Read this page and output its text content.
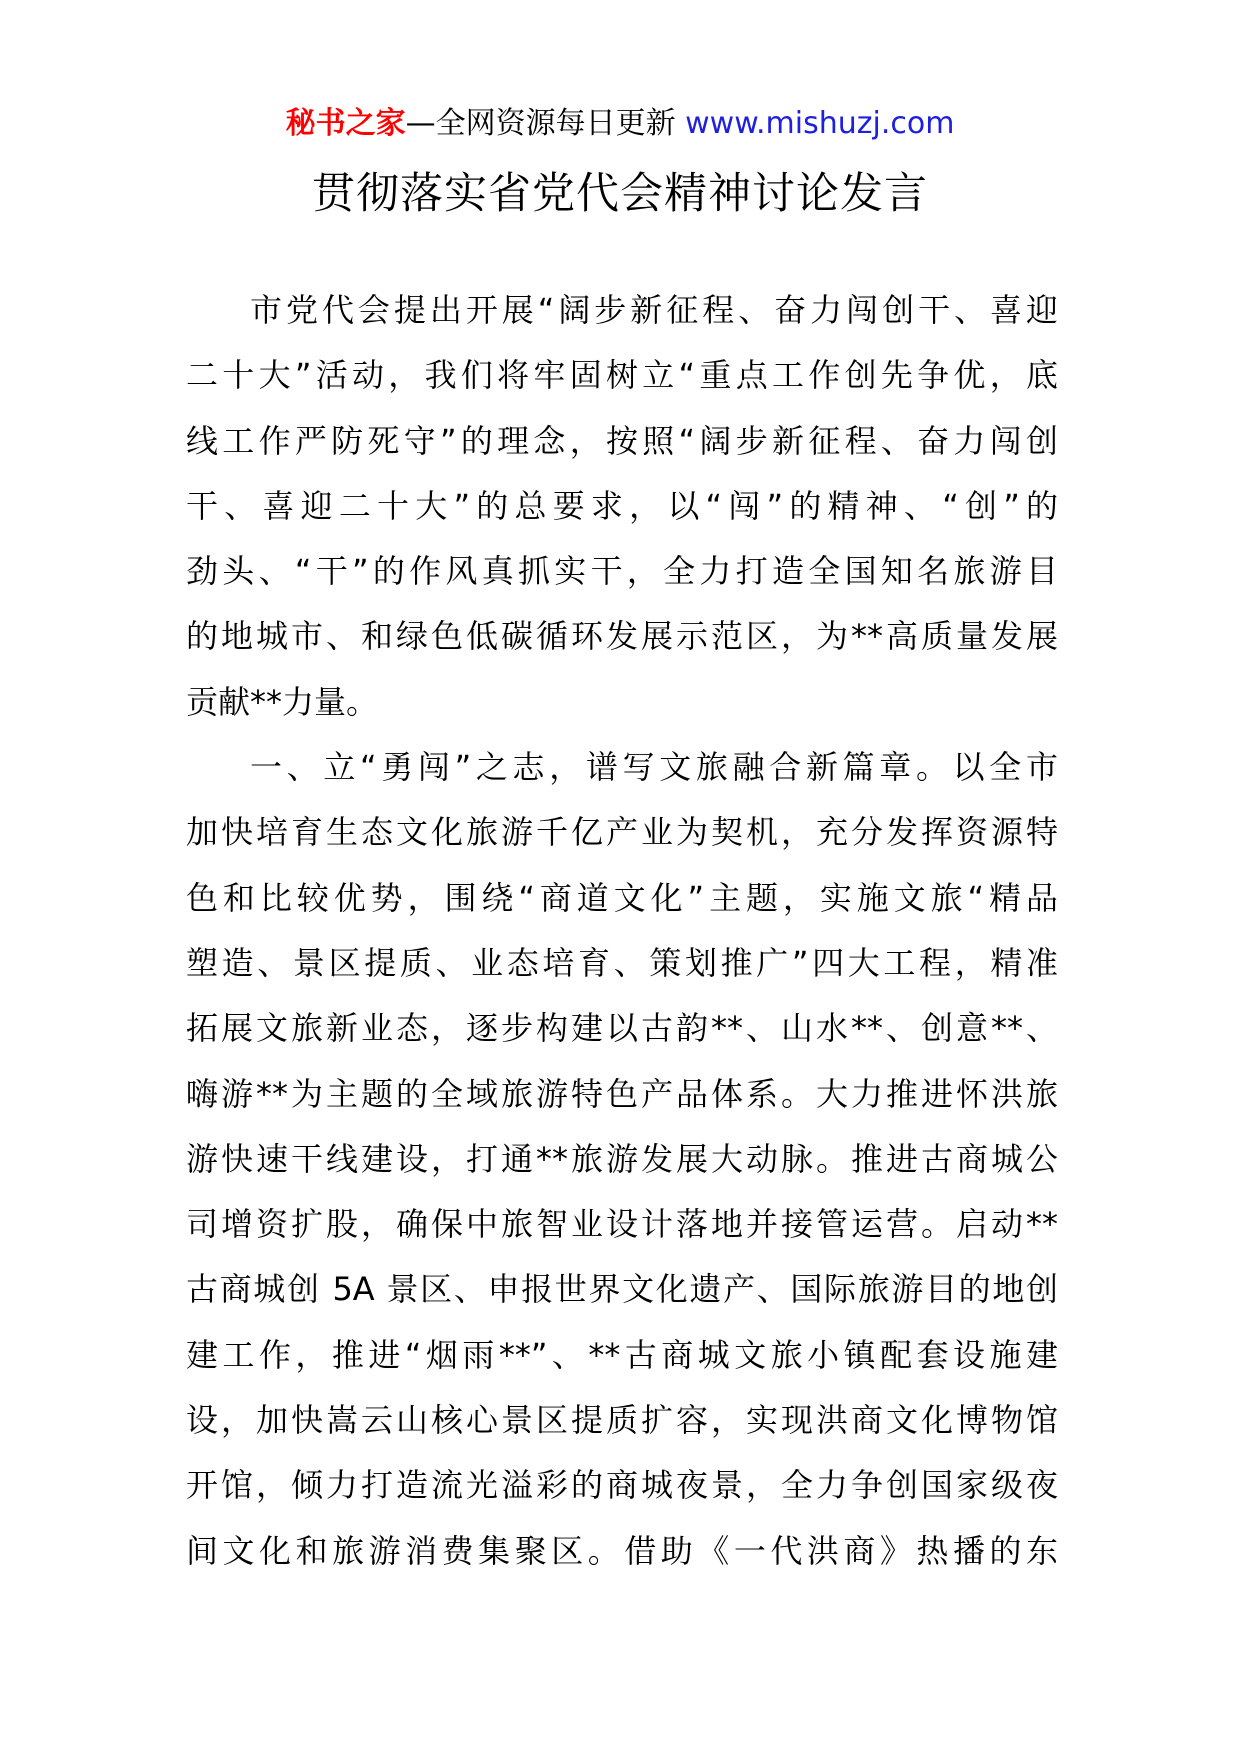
秘书之家—全网资源每日更新 www.mishuzj.com
贯彻落实省党代会精神讨论发言
市党代会提出开展“阔步新征程、奋力闯创干、喜迎
二十大”活动，我们将牢固树立“重点工作创先争优，底
线工作严防死守”的理念，按照“阔步新征程、奋力闯创
干、喜迎二十大”的总要求，以“闯”的精神、“创”的
劲头、“干”的作风真抓实干，全力打造全国知名旅游目
的地城市、和绿色低碳循环发展示范区，为**高质量发展
贡献**力量。
一、立“勇闯”之志，谱写文旅融合新篇章。以全市
加快培育生态文化旅游千亿产业为契机，充分发挥资源特
色和比较优势，围绕“商道文化”主题，实施文旅“精品
塑造、景区提质、业态培育、策划推广”四大工程，精准
拓展文旅新业态，逐步构建以古韵**、山水**、创意**、
嗨游**为主题的全域旅游特色产品体系。大力推进怀洪旅
游快速干线建设，打通**旅游发展大动脉。推进古商城公
司增资扩股，确保中旅智业设计落地并接管运营。启动**
古商城创 5A 景区、申报世界文化遗产、国际旅游目的地创
建工作，推进“烟雨**”、**古商城文旅小镇配套设施建
设，加快嵩云山核心景区提质扩容，实现洪商文化博物馆
开馆，倾力打造流光溢彩的商城夜景，全力争创国家级夜
间文化和旅游消费集聚区。借助《一代洪商》热播的东
